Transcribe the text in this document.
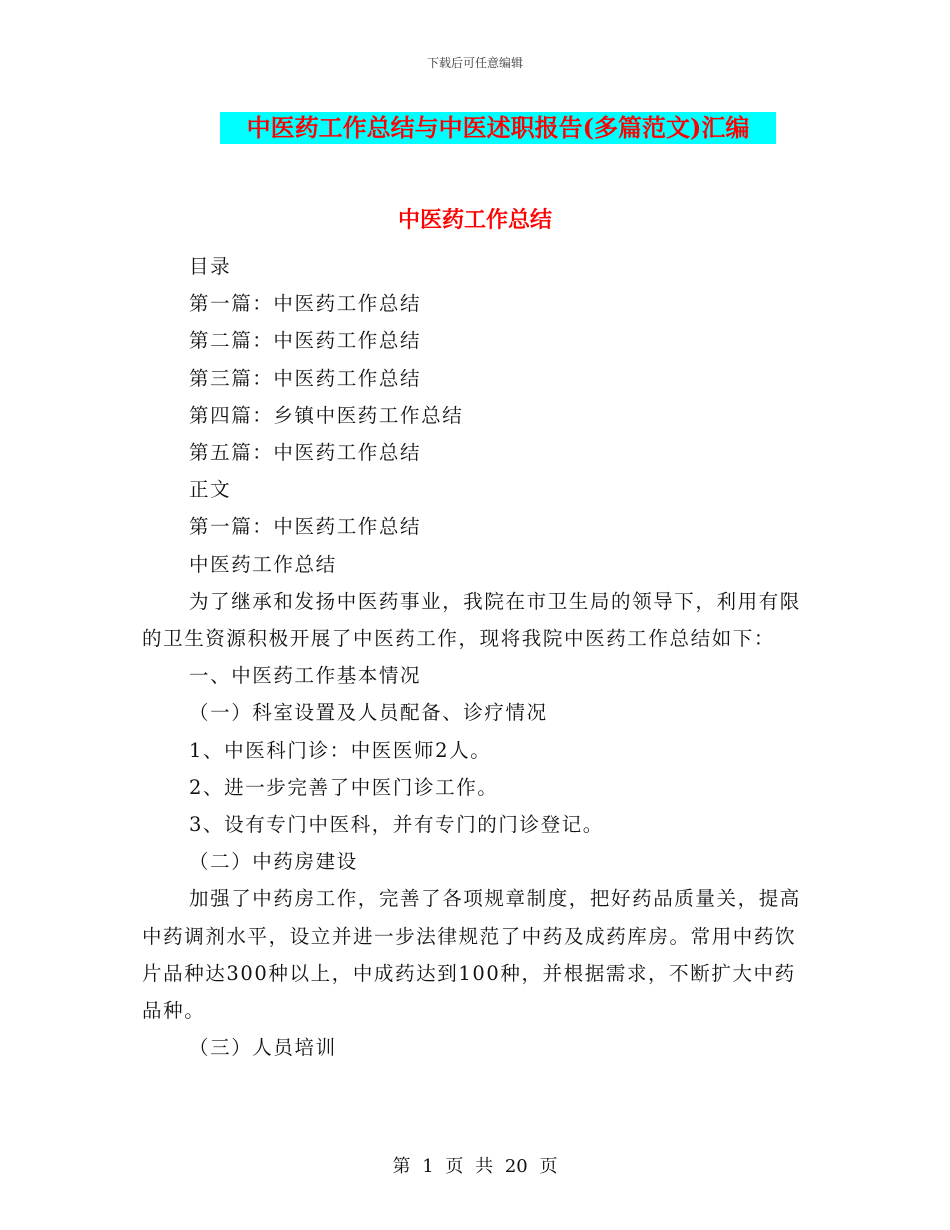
下载后可任意编辑
中医药工作总结与中医述职报告(多篇范文)汇编
中医药工作总结

目录

第一篇：中医药工作总结

第二篇：中医药工作总结

第三篇：中医药工作总结

第四篇：乡镇中医药工作总结

第五篇：中医药工作总结

正文

第一篇：中医药工作总结

中医药工作总结

为了继承和发扬中医药事业，我院在市卫生局的领导下，利用有限的卫生资源积极开展了中医药工作，现将我院中医药工作总结如下：

一、中医药工作基本情况

（一）科室设置及人员配备、诊疗情况

1、中医科门诊：中医医师2人。

2、进一步完善了中医门诊工作。

3、设有专门中医科，并有专门的门诊登记。

（二）中药房建设

加强了中药房工作，完善了各项规章制度，把好药品质量关，提高中药调剂水平，设立并进一步法律规范了中药及成药库房。常用中药饮片品种达300种以上，中成药达到100种，并根据需求，不断扩大中药品种。

（三）人员培训

第 1 页 共 20 页
